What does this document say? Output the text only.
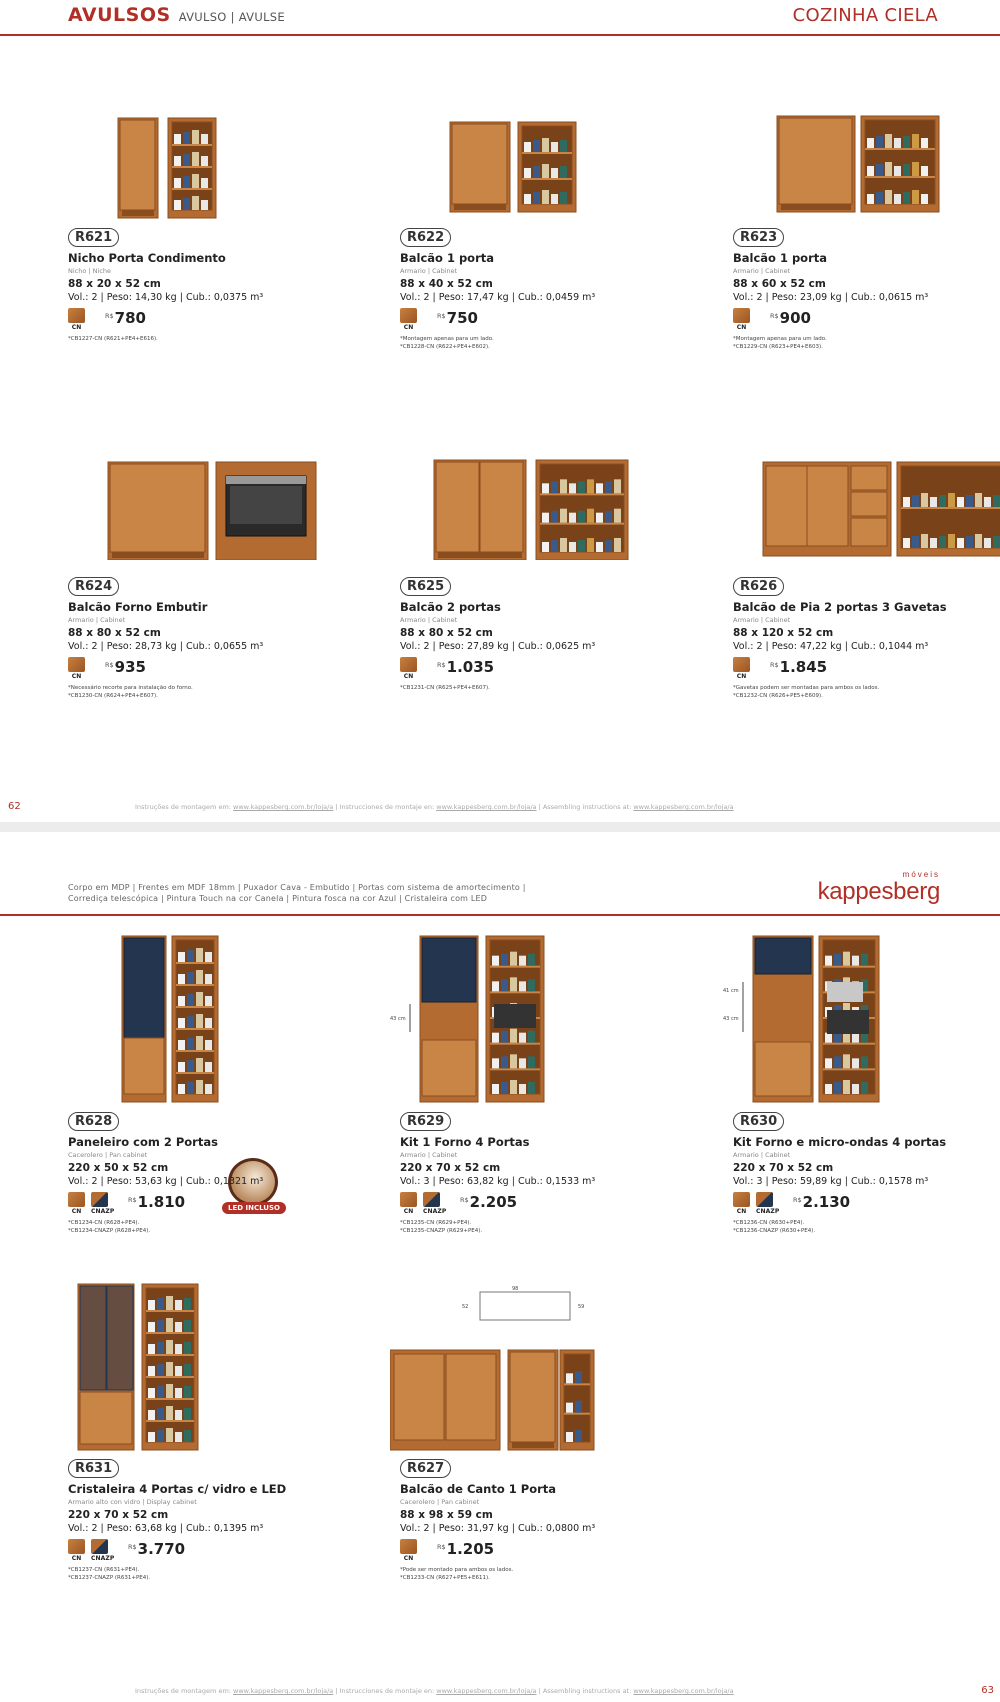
AVULSOS AVULSO | AVULSE	COZINHA CIELA
62	Instruções de montagem em: www.kappesberg.com.br/loja/a | Instrucciones de montaje en: www.kappesberg.com.br/loja/a | Assembling instructions at: www.kappesberg.com.br/loja/a
Corpo em MDP | Frentes em MDF 18mm | Puxador Cava - Embutido | Portas com sistema de amortecimento |
Corrediça telescópica | Pintura Touch na cor Canela | Pintura fosca na cor Azul | Cristaleira com LED
móveis
kappesberg
Instruções de montagem em: www.kappesberg.com.br/loja/a | Instrucciones de montaje en: www.kappesberg.com.br/loja/a | Assembling instructions at: www.kappesberg.com.br/loja/a	63
LED INCLUSO
R621
Nicho Porta Condimento
Nicho | Niche
88 x 20 x 52 cm
Vol.: 2 | Peso: 14,30 kg | Cub.: 0,0375 m³
CN
R$ 780
*CB1227-CN (R621+PE4+E616).
R622
Balcão 1 porta
Armario | Cabinet
88 x 40 x 52 cm
Vol.: 2 | Peso: 17,47 kg | Cub.: 0,0459 m³
CN
R$ 750
*Montagem apenas para um lado.
*CB1228-CN (R622+PE4+E602).
R623
Balcão 1 porta
Armario | Cabinet
88 x 60 x 52 cm
Vol.: 2 | Peso: 23,09 kg | Cub.: 0,0615 m³
CN
R$ 900
*Montagem apenas para um lado.
*CB1229-CN (R623+PE4+E603).
R624
Balcão Forno Embutir
Armario | Cabinet
88 x 80 x 52 cm
Vol.: 2 | Peso: 28,73 kg | Cub.: 0,0655 m³
CN
R$ 935
*Necessário recorte para instalação do forno.
*CB1230-CN (R624+PE4+E607).
R625
Balcão 2 portas
Armario | Cabinet
88 x 80 x 52 cm
Vol.: 2 | Peso: 27,89 kg | Cub.: 0,0625 m³
CN
R$ 1.035
*CB1231-CN (R625+PE4+E607).
R626
Balcão de Pia 2 portas 3 Gavetas
Armario | Cabinet
88 x 120 x 52 cm
Vol.: 2 | Peso: 47,22 kg | Cub.: 0,1044 m³
CN
R$ 1.845
*Gavetas podem ser montadas para ambos os lados.
*CB1232-CN (R626+PE5+E609).
R628
Paneleiro com 2 Portas
Cacerolero | Pan cabinet
220 x 50 x 52 cm
Vol.: 2 | Peso: 53,63 kg | Cub.: 0,1321 m³
CN	CNAZP
R$ 1.810
*CB1234-CN (R628+PE4).
*CB1234-CNAZP (R628+PE4).
43 cm
R629
Kit 1 Forno 4 Portas
Armario | Cabinet
220 x 70 x 52 cm
Vol.: 3 | Peso: 63,82 kg | Cub.: 0,1533 m³
CN	CNAZP
R$ 2.205
*CB1235-CN (R629+PE4).
*CB1235-CNAZP (R629+PE4).
41 cm
43 cm
R630
Kit Forno e micro-ondas 4 portas
Armario | Cabinet
220 x 70 x 52 cm
Vol.: 3 | Peso: 59,89 kg | Cub.: 0,1578 m³
CN	CNAZP
R$ 2.130
*CB1236-CN (R630+PE4).
*CB1236-CNAZP (R630+PE4).
R631
Cristaleira 4 Portas c/ vidro e LED
Armario alto con vidro | Display cabinet
220 x 70 x 52 cm
Vol.: 2 | Peso: 63,68 kg | Cub.: 0,1395 m³
CN	CNAZP
R$ 3.770
*CB1237-CN (R631+PE4).
*CB1237-CNAZP (R631+PE4).
52
98
59
R627
Balcão de Canto 1 Porta
Cacerolero | Pan cabinet
88 x 98 x 59 cm
Vol.: 2 | Peso: 31,97 kg | Cub.: 0,0800 m³
CN
R$ 1.205
*Pode ser montado para ambos os lados.
*CB1233-CN (R627+PE5+E611).
